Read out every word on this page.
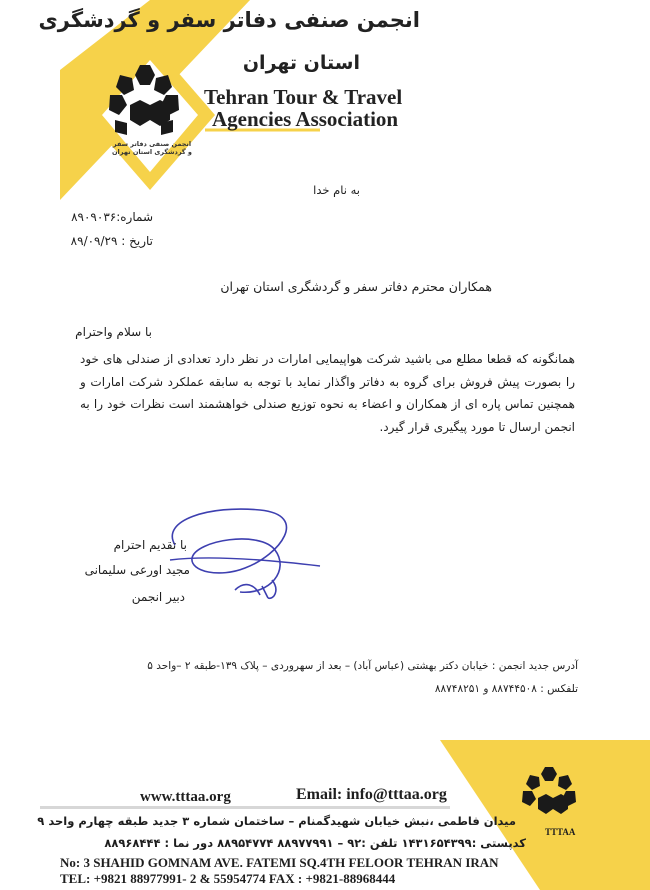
انجمن صنفی دفاتر سفر و گردشگری
استان تهران
Tehran Tour & Travel
Agencies Association
انجمن صنفی دفاتر سفر و گردشگری استان تهران
به نام خدا
شماره:۸۹۰۹۰۳۶
تاریخ : ۸۹/۰۹/۲۹
همکاران محترم دفاتر سفر و گردشگری استان تهران
با سلام واحترام
همانگونه که قطعا مطلع می باشید شرکت هواپیمایی امارات در نظر دارد تعدادی از صندلی های خود را بصورت پیش فروش برای گروه به دفاتر واگذار نماید با توجه به سابقه عملکرد شرکت امارات و همچنین تماس پاره ای از همکاران و اعضاء به نحوه توزیع صندلی خواهشمند است نظرات خود را به انجمن ارسال تا مورد پیگیری قرار گیرد.
با تقدیم احترام
مجید اورعی سلیمانی
دبیر انجمن
آدرس جدید انجمن : خیابان دکتر بهشتی (عباس آباد) – بعد از سهروردی – پلاک ۱۳۹-طبقه ۲ –واحد ۵
تلفکس : ۸۸۷۴۴۵۰۸ و ۸۸۷۴۸۲۵۱
www.tttaa.org	Email: info@tttaa.org
میدان فاطمی ،نبش خیابان شهیدگمنام – ساختمان شماره ۳ جدید طبقه چهارم واحد ۹
کدپستی :۱۴۳۱۶۵۴۳۹۹ تلفن :۹۲ – ۸۸۹۷۷۹۹۱ ۸۸۹۵۴۷۷۴ دور نما : ۸۸۹۶۸۴۴۴
No: 3 SHAHID GOMNAM AVE. FATEMI SQ.4TH FELOOR TEHRAN IRAN
TEL: +9821 88977991- 2 & 55954774 FAX : +9821-88968444
TTTAA
